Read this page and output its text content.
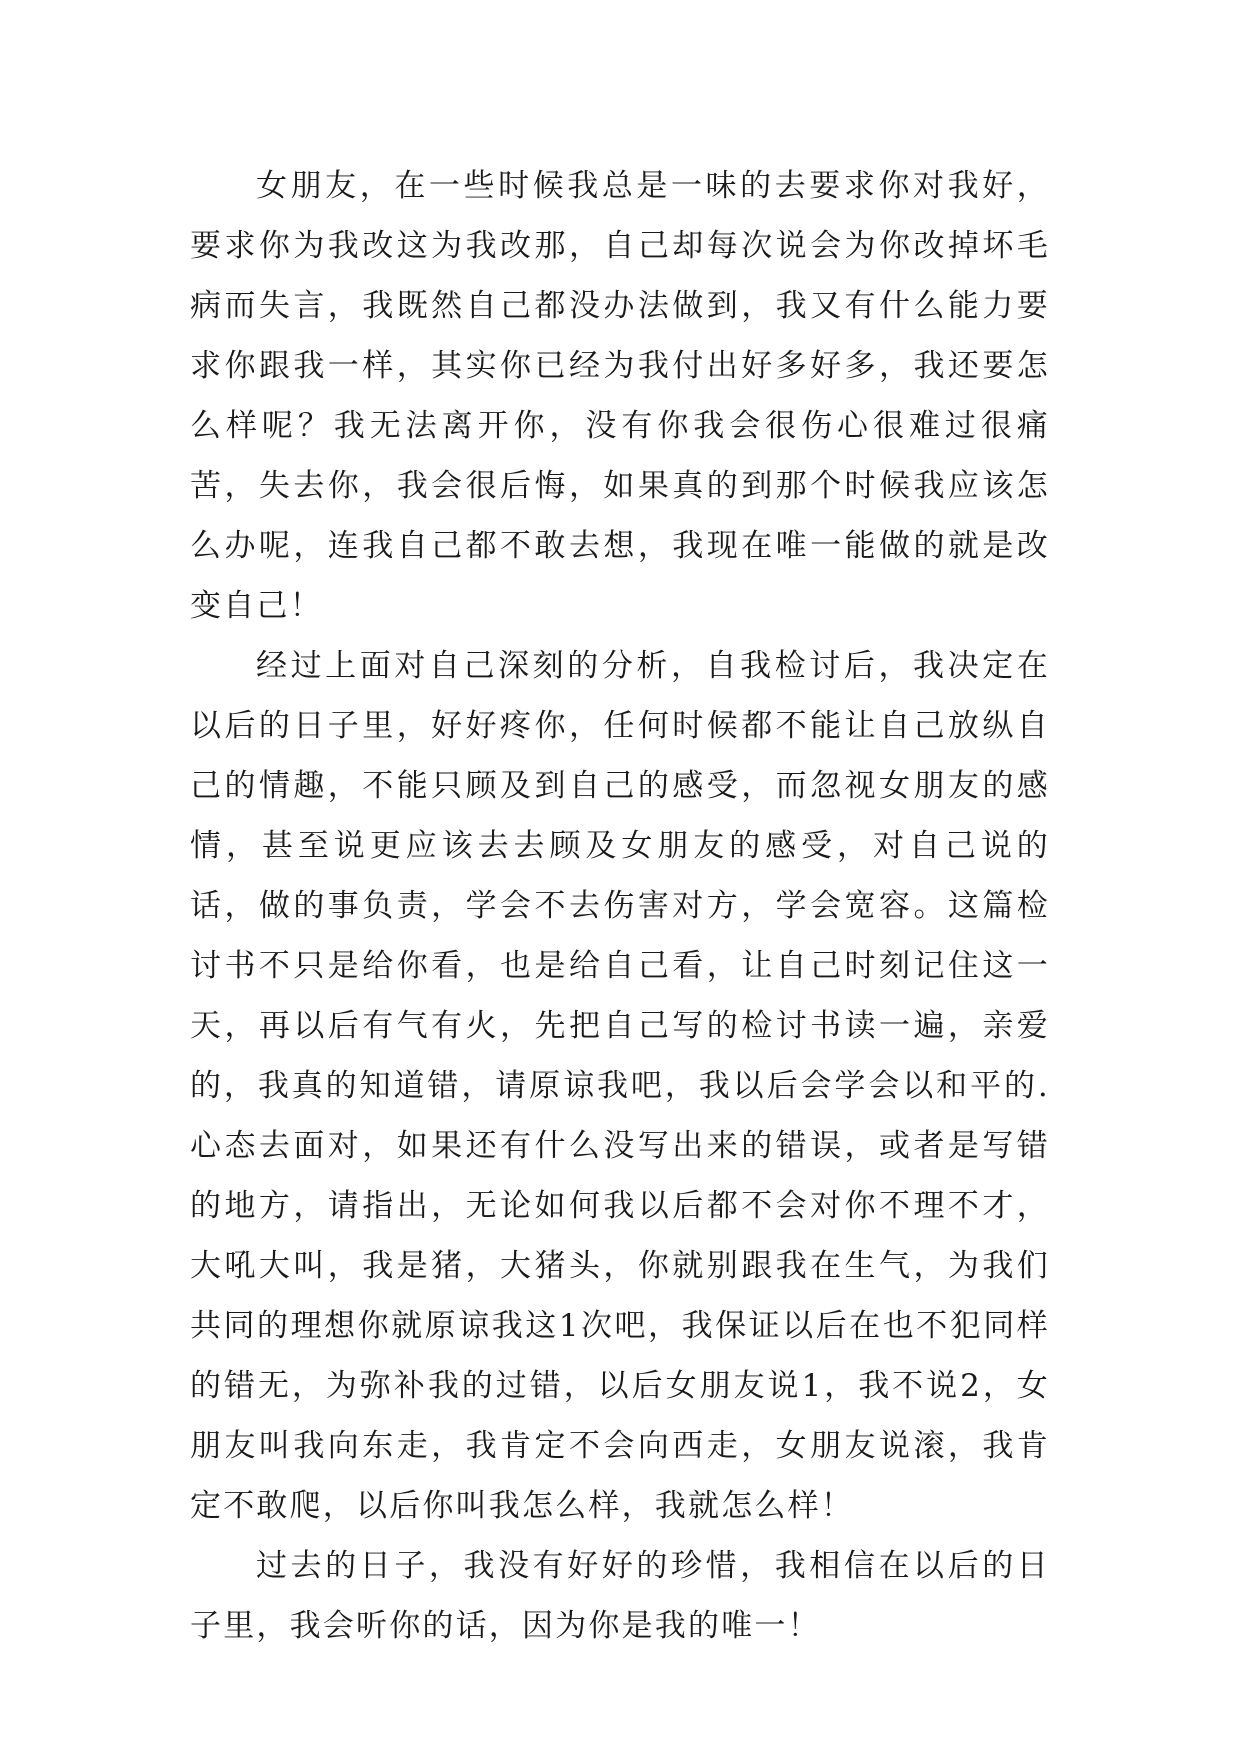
女朋友，在一些时候我总是一味的去要求你对我好，要求你为我改这为我改那，自己却每次说会为你改掉坏毛病而失言，我既然自己都没办法做到，我又有什么能力要求你跟我一样，其实你已经为我付出好多好多，我还要怎么样呢？我无法离开你，没有你我会很伤心很难过很痛苦，失去你，我会很后悔，如果真的到那个时候我应该怎么办呢，连我自己都不敢去想，我现在唯一能做的就是改变自己！

经过上面对自己深刻的分析，自我检讨后，我决定在以后的日子里，好好疼你，任何时候都不能让自己放纵自己的情趣，不能只顾及到自己的感受，而忽视女朋友的感情，甚至说更应该去去顾及女朋友的感受，对自己说的话，做的事负责，学会不去伤害对方，学会宽容。这篇检讨书不只是给你看，也是给自己看，让自己时刻记住这一天，再以后有气有火，先把自己写的检讨书读一遍，亲爱的，我真的知道错，请原谅我吧，我以后会学会以和平的.心态去面对，如果还有什么没写出来的错误，或者是写错的地方，请指出，无论如何我以后都不会对你不理不才，大吼大叫，我是猪，大猪头，你就别跟我在生气，为我们共同的理想你就原谅我这1次吧，我保证以后在也不犯同样的错无，为弥补我的过错，以后女朋友说1，我不说2，女朋友叫我向东走，我肯定不会向西走，女朋友说滚，我肯定不敢爬，以后你叫我怎么样，我就怎么样！

过去的日子，我没有好好的珍惜，我相信在以后的日子里，我会听你的话，因为你是我的唯一！
